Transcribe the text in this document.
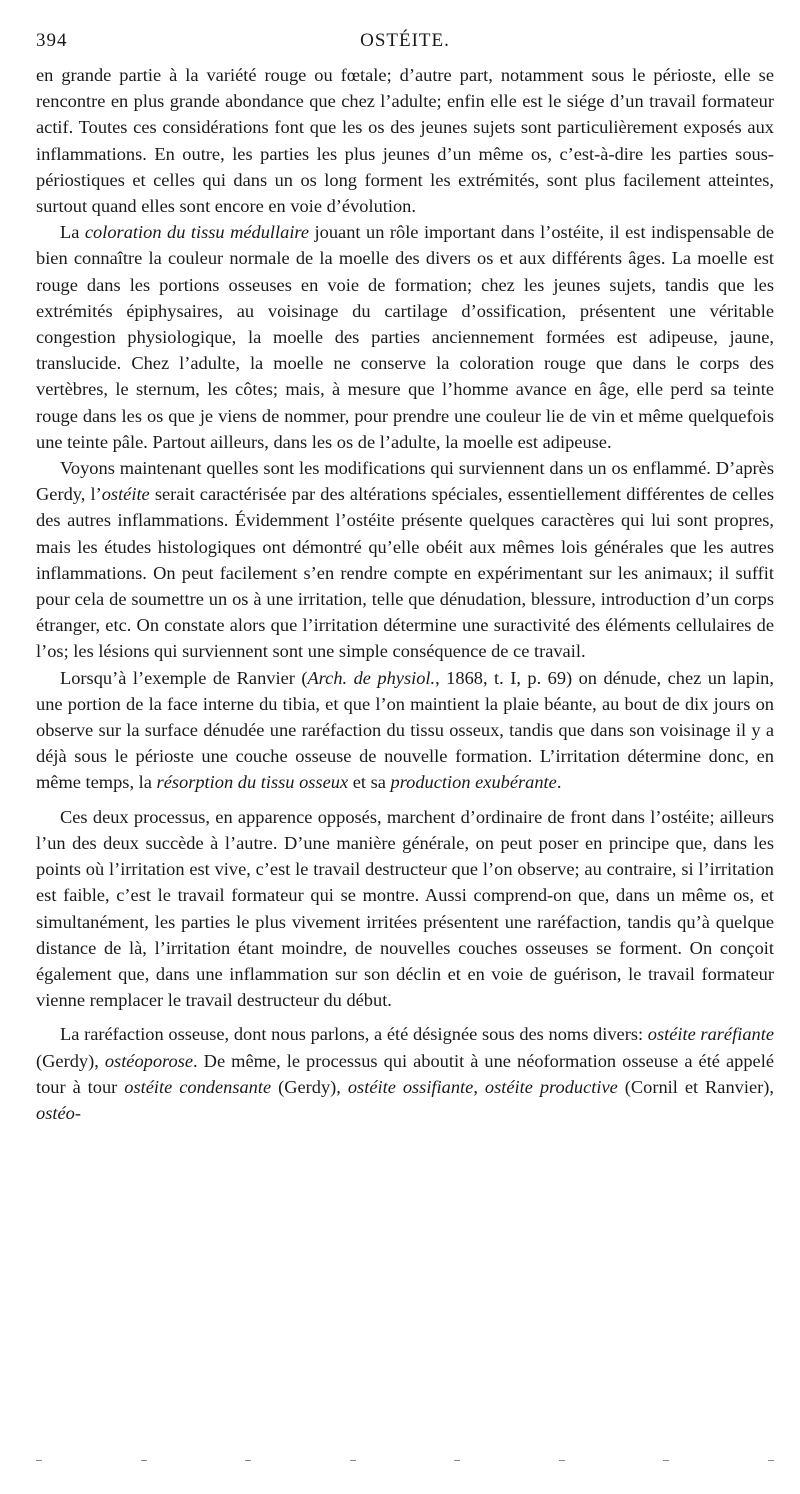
394	OSTÉITE.

en grande partie à la variété rouge ou fœtale; d’autre part, notamment sous le périoste, elle se rencontre en plus grande abondance que chez l’adulte; enfin elle est le siége d’un travail formateur actif. Toutes ces considérations font que les os des jeunes sujets sont particulièrement exposés aux inflammations. En outre, les parties les plus jeunes d’un même os, c’est-à-dire les parties sous-périostiques et celles qui dans un os long forment les extrémités, sont plus facilement atteintes, surtout quand elles sont encore en voie d’évolution.

La coloration du tissu médullaire jouant un rôle important dans l’ostéite, il est indispensable de bien connaître la couleur normale de la moelle des divers os et aux différents âges. La moelle est rouge dans les portions osseuses en voie de formation; chez les jeunes sujets, tandis que les extrémités épiphysaires, au voisinage du cartilage d’ossification, présentent une véritable congestion physiologique, la moelle des parties anciennement formées est adipeuse, jaune, translucide. Chez l’adulte, la moelle ne conserve la coloration rouge que dans le corps des vertèbres, le sternum, les côtes; mais, à mesure que l’homme avance en âge, elle perd sa teinte rouge dans les os que je viens de nommer, pour prendre une couleur lie de vin et même quelquefois une teinte pâle. Partout ailleurs, dans les os de l’adulte, la moelle est adipeuse.

Voyons maintenant quelles sont les modifications qui surviennent dans un os enflammé. D’après Gerdy, l’ostéite serait caractérisée par des altérations spéciales, essentiellement différentes de celles des autres inflammations. Évidemment l’ostéite présente quelques caractères qui lui sont propres, mais les études histologiques ont démontré qu’elle obéit aux mêmes lois générales que les autres inflammations. On peut facilement s’en rendre compte en expérimentant sur les animaux; il suffit pour cela de soumettre un os à une irritation, telle que dénudation, blessure, introduction d’un corps étranger, etc. On constate alors que l’irritation détermine une suractivité des éléments cellulaires de l’os; les lésions qui surviennent sont une simple conséquence de ce travail.

Lorsqu’à l’exemple de Ranvier (Arch. de physiol., 1868, t. I, p. 69) on dénude, chez un lapin, une portion de la face interne du tibia, et que l’on maintient la plaie béante, au bout de dix jours on observe sur la surface dénudée une raréfaction du tissu osseux, tandis que dans son voisinage il y a déjà sous le périoste une couche osseuse de nouvelle formation. L’irritation détermine donc, en même temps, la résorption du tissu osseux et sa production exubérante.

Ces deux processus, en apparence opposés, marchent d’ordinaire de front dans l’ostéite; ailleurs l’un des deux succède à l’autre. D’une manière générale, on peut poser en principe que, dans les points où l’irritation est vive, c’est le travail destructeur que l’on observe; au contraire, si l’irritation est faible, c’est le travail formateur qui se montre. Aussi comprend-on que, dans un même os, et simultanément, les parties le plus vivement irritées présentent une raréfaction, tandis qu’à quelque distance de là, l’irritation étant moindre, de nouvelles couches osseuses se forment. On conçoit également que, dans une inflammation sur son déclin et en voie de guérison, le travail formateur vienne remplacer le travail destructeur du début.

La raréfaction osseuse, dont nous parlons, a été désignée sous des noms divers: ostéite raréfiante (Gerdy), ostéoporose. De même, le processus qui aboutit à une néoformation osseuse a été appelé tour à tour ostéite condensante (Gerdy), ostéite ossifiante, ostéite productive (Cornil et Ranvier), ostéo-
